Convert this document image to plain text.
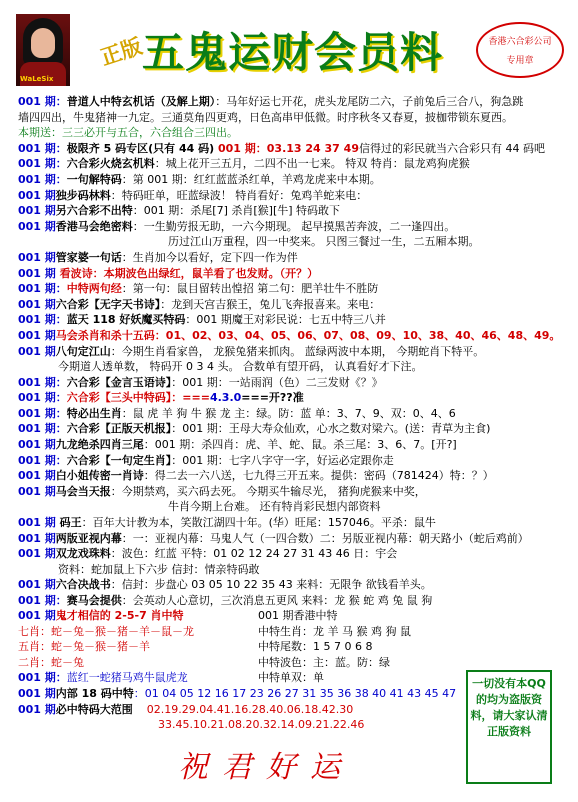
WaLeSix
正版
五鬼运财会员料	香港六合彩公司
专用章
001 期：普道人中特玄机话（及解上期）：马年好运七开花，虎头龙尾防二六，子前兔后三合八，狗急跳
墙四四出，牛鬼猪神一九定。三通莫角四更鸡，日色高串甲低微。时序秋冬又春夏，披枷带锁东夏西。
本期送：三三必开与五合，六合组合三四出。
001 期：极限齐 5 码专区(只有 44 码) 001 期：03.13 24 37 49信得过的彩民就当六合彩只有 44 码吧
001 期：六合彩火烧玄机料：城上花开三五月，二四不出一七来。 特双 特肖：鼠龙鸡狗虎猴
001 期：一句解特码：第 001 期：红红蓝蓝杀红单，羊鸡龙虎来中本期。
001 期独步码林料：特码旺单，旺蓝绿波！ 特肖看好：兔鸡羊蛇来电：
001 期另六合彩不出特：001 期：杀尾[7] 杀肖[猴][牛] 特码敢下
001 期香港马会绝密料：一生勤劳报无助，一六今期现。 起早摸黑苦奔波，二一逢四出。
历过江山万重程，四一中奖来。 只图三餐过一生，二五厢本期。
001 期管家婆一句话：生肖加今以看好，定下四一作为伴
001 期 看波诗：本期波色出绿红，鼠羊看了也发财。（开？）
001 期：中特两句经：第一句：鼠目留转出惶招 第二句：肥羊壮牛不胜防
001 期六合彩【无字天书诗】：龙到天宫吉猴王，兔儿飞奔报喜来。来电：
001 期：蓝天 118 好妖魔买特码：001 期魔王对彩民说：七五中特三八并
001 期马会杀肖和杀十五码：01、02、03、04、05、06、07、08、09、10、38、40、46、48、49。
001 期八句定江山：今期生肖看家兽， 龙猴兔猪来抓肉。 蓝绿两波中本期， 今期蛇肖下特平。
今期道人透单数， 特码开 0 3 4 头。 合数单有望开码， 认真看好才下注。
001 期：六合彩【金言玉语诗】：001 期：一站雨润（色）二三发财《？》
001 期：六合彩【三头中特码】：===4.3.0===开??准
001 期：特必出生肖：鼠 虎 羊 狗 牛 猴 龙 主：绿。防：蓝 单：3、7、9、双：0、4、6
001 期：六合彩【正版天机报】：001 期：王母大寿众仙欢，心水之数对梁六。(送：青草为主食)
001 期九龙绝杀四肖三尾：001 期：杀四肖：虎、羊、蛇、鼠。杀三尾：3、6、7。[开?]
001 期：六合彩【一句定生肖】：001 期：七字八字守一字，好运必定跟你走
001 期白小姐传密一肖诗：得二去一六八送，七九得三开五来。提供：密码（781424）特：？）
001 期马会当天报：今期禁鸡，买六码去死。 今期买牛输尽光， 猪狗虎猴来中奖，
牛肖今期上台难。 还有特肖彩民想内部资料
001 期 码王：百年大计教为本，笑散江湖四十年。(华）旺尾：157046。平杀：鼠牛
001 期两版亚视内幕：一：亚视内幕：马鬼人气（一四合数）二：另版亚视内幕：朝天路小（蛇后鸡前）
001 期双龙戏珠料：波色：红蓝 平特：01 02 12 24 27 31 43 46 日：宇会
资料：蛇加鼠上下六步 信封：情亲特码敢
001 期六合决战书：信封：步盘心 03 05 10 22 35 43 来料：无限争 欲钱看羊头。
001 期：赛马会提供：会英动人心意切，三次消息五更风 来料：龙 猴 蛇 鸡 兔 鼠 狗
001 期鬼才相信的 2-5-7 肖中特
七肖：蛇－兔－猴－猪－羊－鼠－龙
五肖：蛇－兔－猴－猪－羊
二肖：蛇－兔
001 期：蓝红一蛇猪马鸡牛鼠虎龙
001 期香港中特
中特生肖：龙 羊 马 猴 鸡 狗 鼠
中特尾数：1 5 7 0 6 8
中特波色：主：蓝。防：绿
中特单双：单
001 期内部 18 码中特：01 04 05 12 16 17 23 26 27 31 35 36 38 40 41 43 45 47
001 期必中特码大范围 02.19.29.04.41.16.28.40.06.18.42.30
33.45.10.21.08.20.32.14.09.21.22.46
一切没有本QQ 的均为盗版资料，请大家认清正版资料
祝君好运
